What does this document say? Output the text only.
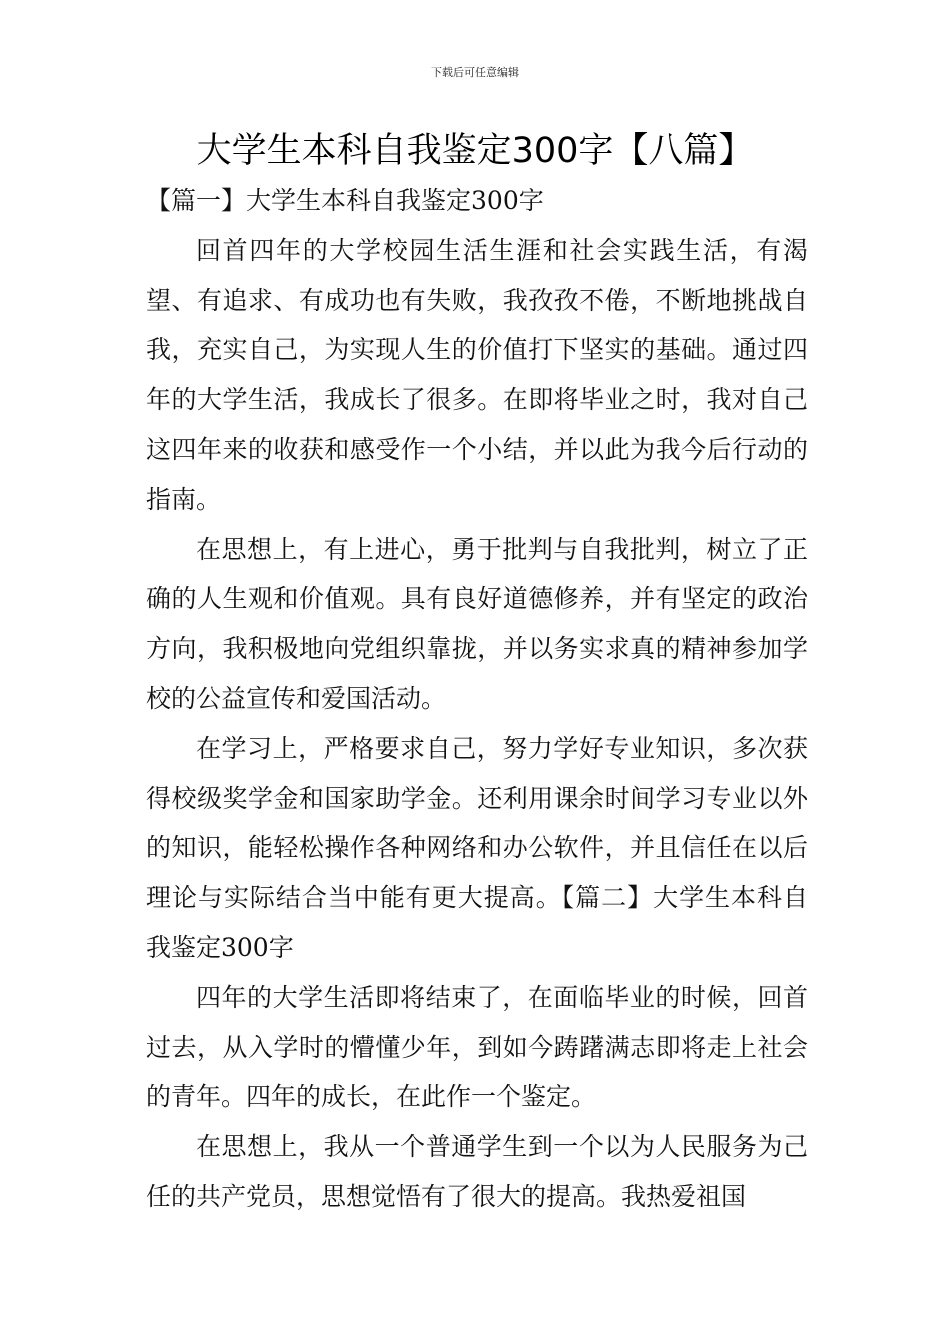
下载后可任意编辑
大学生本科自我鉴定300字【八篇】

【篇一】大学生本科自我鉴定300字

回首四年的大学校园生活生涯和社会实践生活，有渴望、有追求、有成功也有失败，我孜孜不倦，不断地挑战自我，充实自己，为实现人生的价值打下坚实的基础。通过四年的大学生活，我成长了很多。在即将毕业之时，我对自己这四年来的收获和感受作一个小结，并以此为我今后行动的指南。

在思想上，有上进心，勇于批判与自我批判，树立了正确的人生观和价值观。具有良好道德修养，并有坚定的政治方向，我积极地向党组织靠拢，并以务实求真的精神参加学校的公益宣传和爱国活动。

在学习上，严格要求自己，努力学好专业知识，多次获得校级奖学金和国家助学金。还利用课余时间学习专业以外的知识，能轻松操作各种网络和办公软件，并且信任在以后理论与实际结合当中能有更大提高。【篇二】大学生本科自我鉴定300字

四年的大学生活即将结束了，在面临毕业的时候，回首过去，从入学时的懵懂少年，到如今踌躇满志即将走上社会的青年。四年的成长，在此作一个鉴定。

在思想上，我从一个普通学生到一个以为人民服务为己任的共产党员，思想觉悟有了很大的提高。我热爱祖国
